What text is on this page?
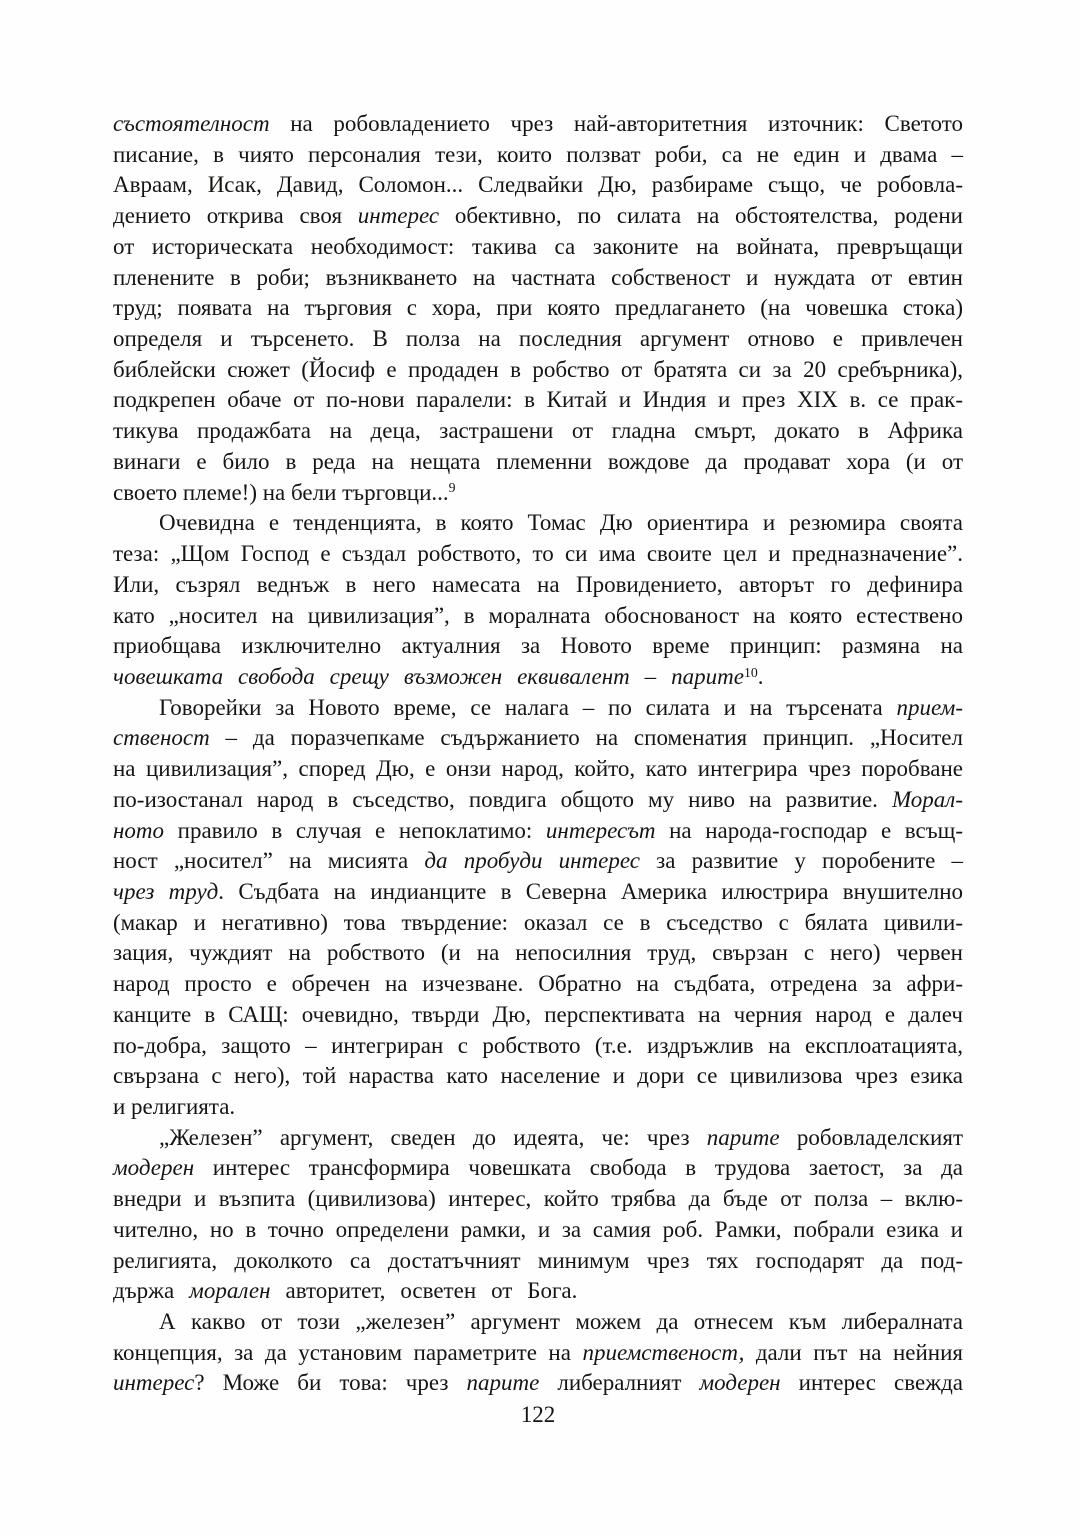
състоятелност на робовладението чрез най-авторитетния източник: Светото
писание, в чиято персоналия тези, които ползват роби, са не един и двама –
Авраам, Исак, Давид, Соломон... Следвайки Дю, разбираме също, че робовла-
дението открива своя интерес обективно, по силата на обстоятелства, родени
от историческата необходимост: такива са законите на войната, превръщащи
пленените в роби; възникването на частната собственост и нуждата от евтин
труд; появата на търговия с хора, при която предлагането (на човешка стока)
определя и търсенето. В полза на последния аргумент отново е привлечен
библейски сюжет (Йосиф е продаден в робство от братята си за 20 сребърника),
подкрепен обаче от по-нови паралели: в Китай и Индия и през XIX в. се прак-
тикува продажбата на деца, застрашени от гладна смърт, докато в Африка
винаги е било в реда на нещата племенни вождове да продават хора (и от
своето племе!) на бели търговци...$^9$
Очевидна е тенденцията, в която Томас Дю ориентира и резюмира своята
теза: „Щом Господ е създал робството, то си има своите цел и предназначение”.
Или, съзрял веднъж в него намесата на Провидението, авторът го дефинира
като „носител на цивилизация”, в моралната обоснованост на която естествено
приобщава изключително актуалния за Новото време принцип: размяна на
човешката свобода срещу възможен еквивалент – парите$^{10}$.
Говорейки за Новото време, се налага – по силата и на търсената прием-
ственост – да поразчепкаме съдържанието на споменатия принцип. „Носител
на цивилизация”, според Дю, е онзи народ, който, като интегрира чрез поробване
по-изостанал народ в съседство, повдига общото му ниво на развитие. Морал-
ното правило в случая е непоклатимо: интересът на народа-господар е всъщ-
ност „носител” на мисията да пробуди интерес за развитие у поробените –
чрез труд. Съдбата на индианците в Северна Америка илюстрира внушително
(макар и негативно) това твърдение: оказал се в съседство с бялата цивили-
зация, чуждият на робството (и на непосилния труд, свързан с него) червен
народ просто е обречен на изчезване. Обратно на съдбата, отредена за афри-
канците в САЩ: очевидно, твърди Дю, перспективата на черния народ е далеч
по-добра, защото – интегриран с робството (т.е. издръжлив на експлоатацията,
свързана с него), той нараства като население и дори се цивилизова чрез езика
и религията.
„Железен” аргумент, сведен до идеята, че: чрез парите робовладелският
модерен интерес трансформира човешката свобода в трудова заетост, за да
внедри и възпита (цивилизова) интерес, който трябва да бъде от полза – вклю-
чително, но в точно определени рамки, и за самия роб. Рамки, побрали езика и
религията, доколкото са достатъчният минимум чрез тях господарят да под-
държа морален авторитет, осветен от Бога.
А какво от този „железен” аргумент можем да отнесем към либералната
концепция, за да установим параметрите на приемственост, дали път на нейния
интерес? Може би това: чрез парите либералният модерен интерес свежда
122
